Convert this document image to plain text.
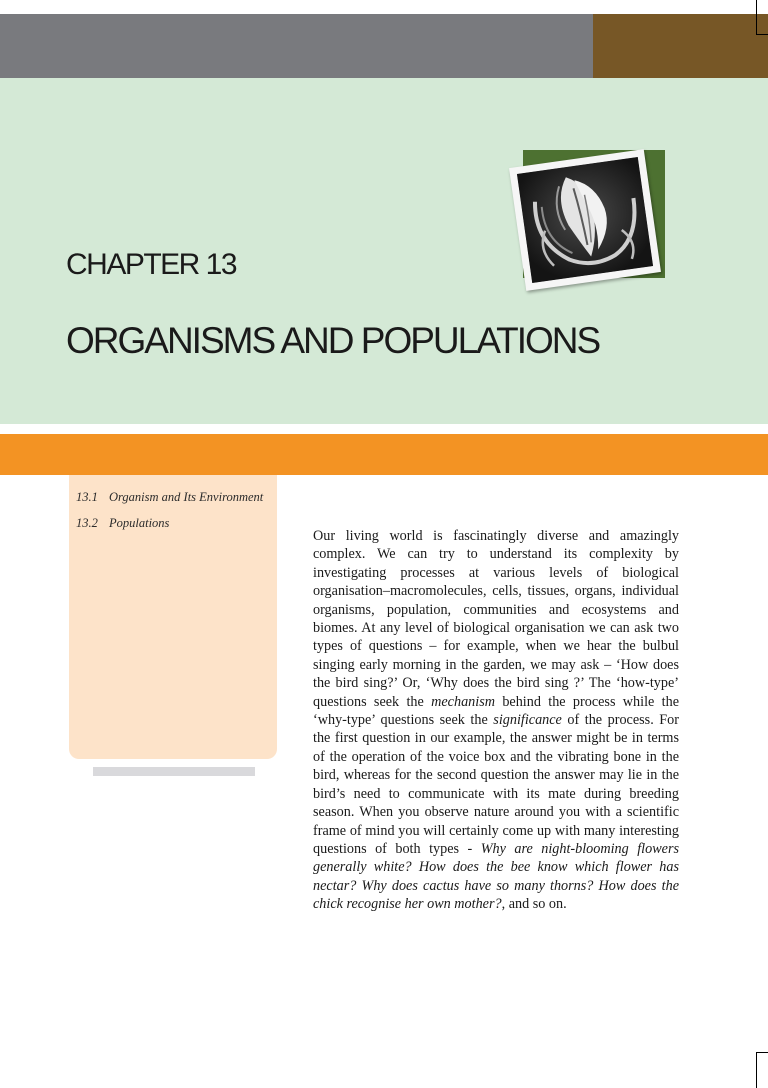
CHAPTER 13
ORGANISMS AND POPULATIONS
13.1 Organism and Its Environment
13.2 Populations

Our living world is fascinatingly diverse and amazingly complex. We can try to understand its complexity by investigating processes at various levels of biological organisation–macromolecules, cells, tissues, organs, individual organisms, population, communities and ecosystems and biomes. At any level of biological organisation we can ask two types of questions – for example, when we hear the bulbul singing early morning in the garden, we may ask – ‘How does the bird sing?’ Or, ‘Why does the bird sing ?’ The ‘how-type’ questions seek the mechanism behind the process while the ‘why-type’ questions seek the significance of the process. For the first question in our example, the answer might be in terms of the operation of the voice box and the vibrating bone in the bird, whereas for the second question the answer may lie in the bird’s need to communicate with its mate during breeding season. When you observe nature around you with a scientific frame of mind you will certainly come up with many interesting questions of both types - Why are night-blooming flowers generally white? How does the bee know which flower has nectar? Why does cactus have so many thorns? How does the chick recognise her own mother?, and so on.
